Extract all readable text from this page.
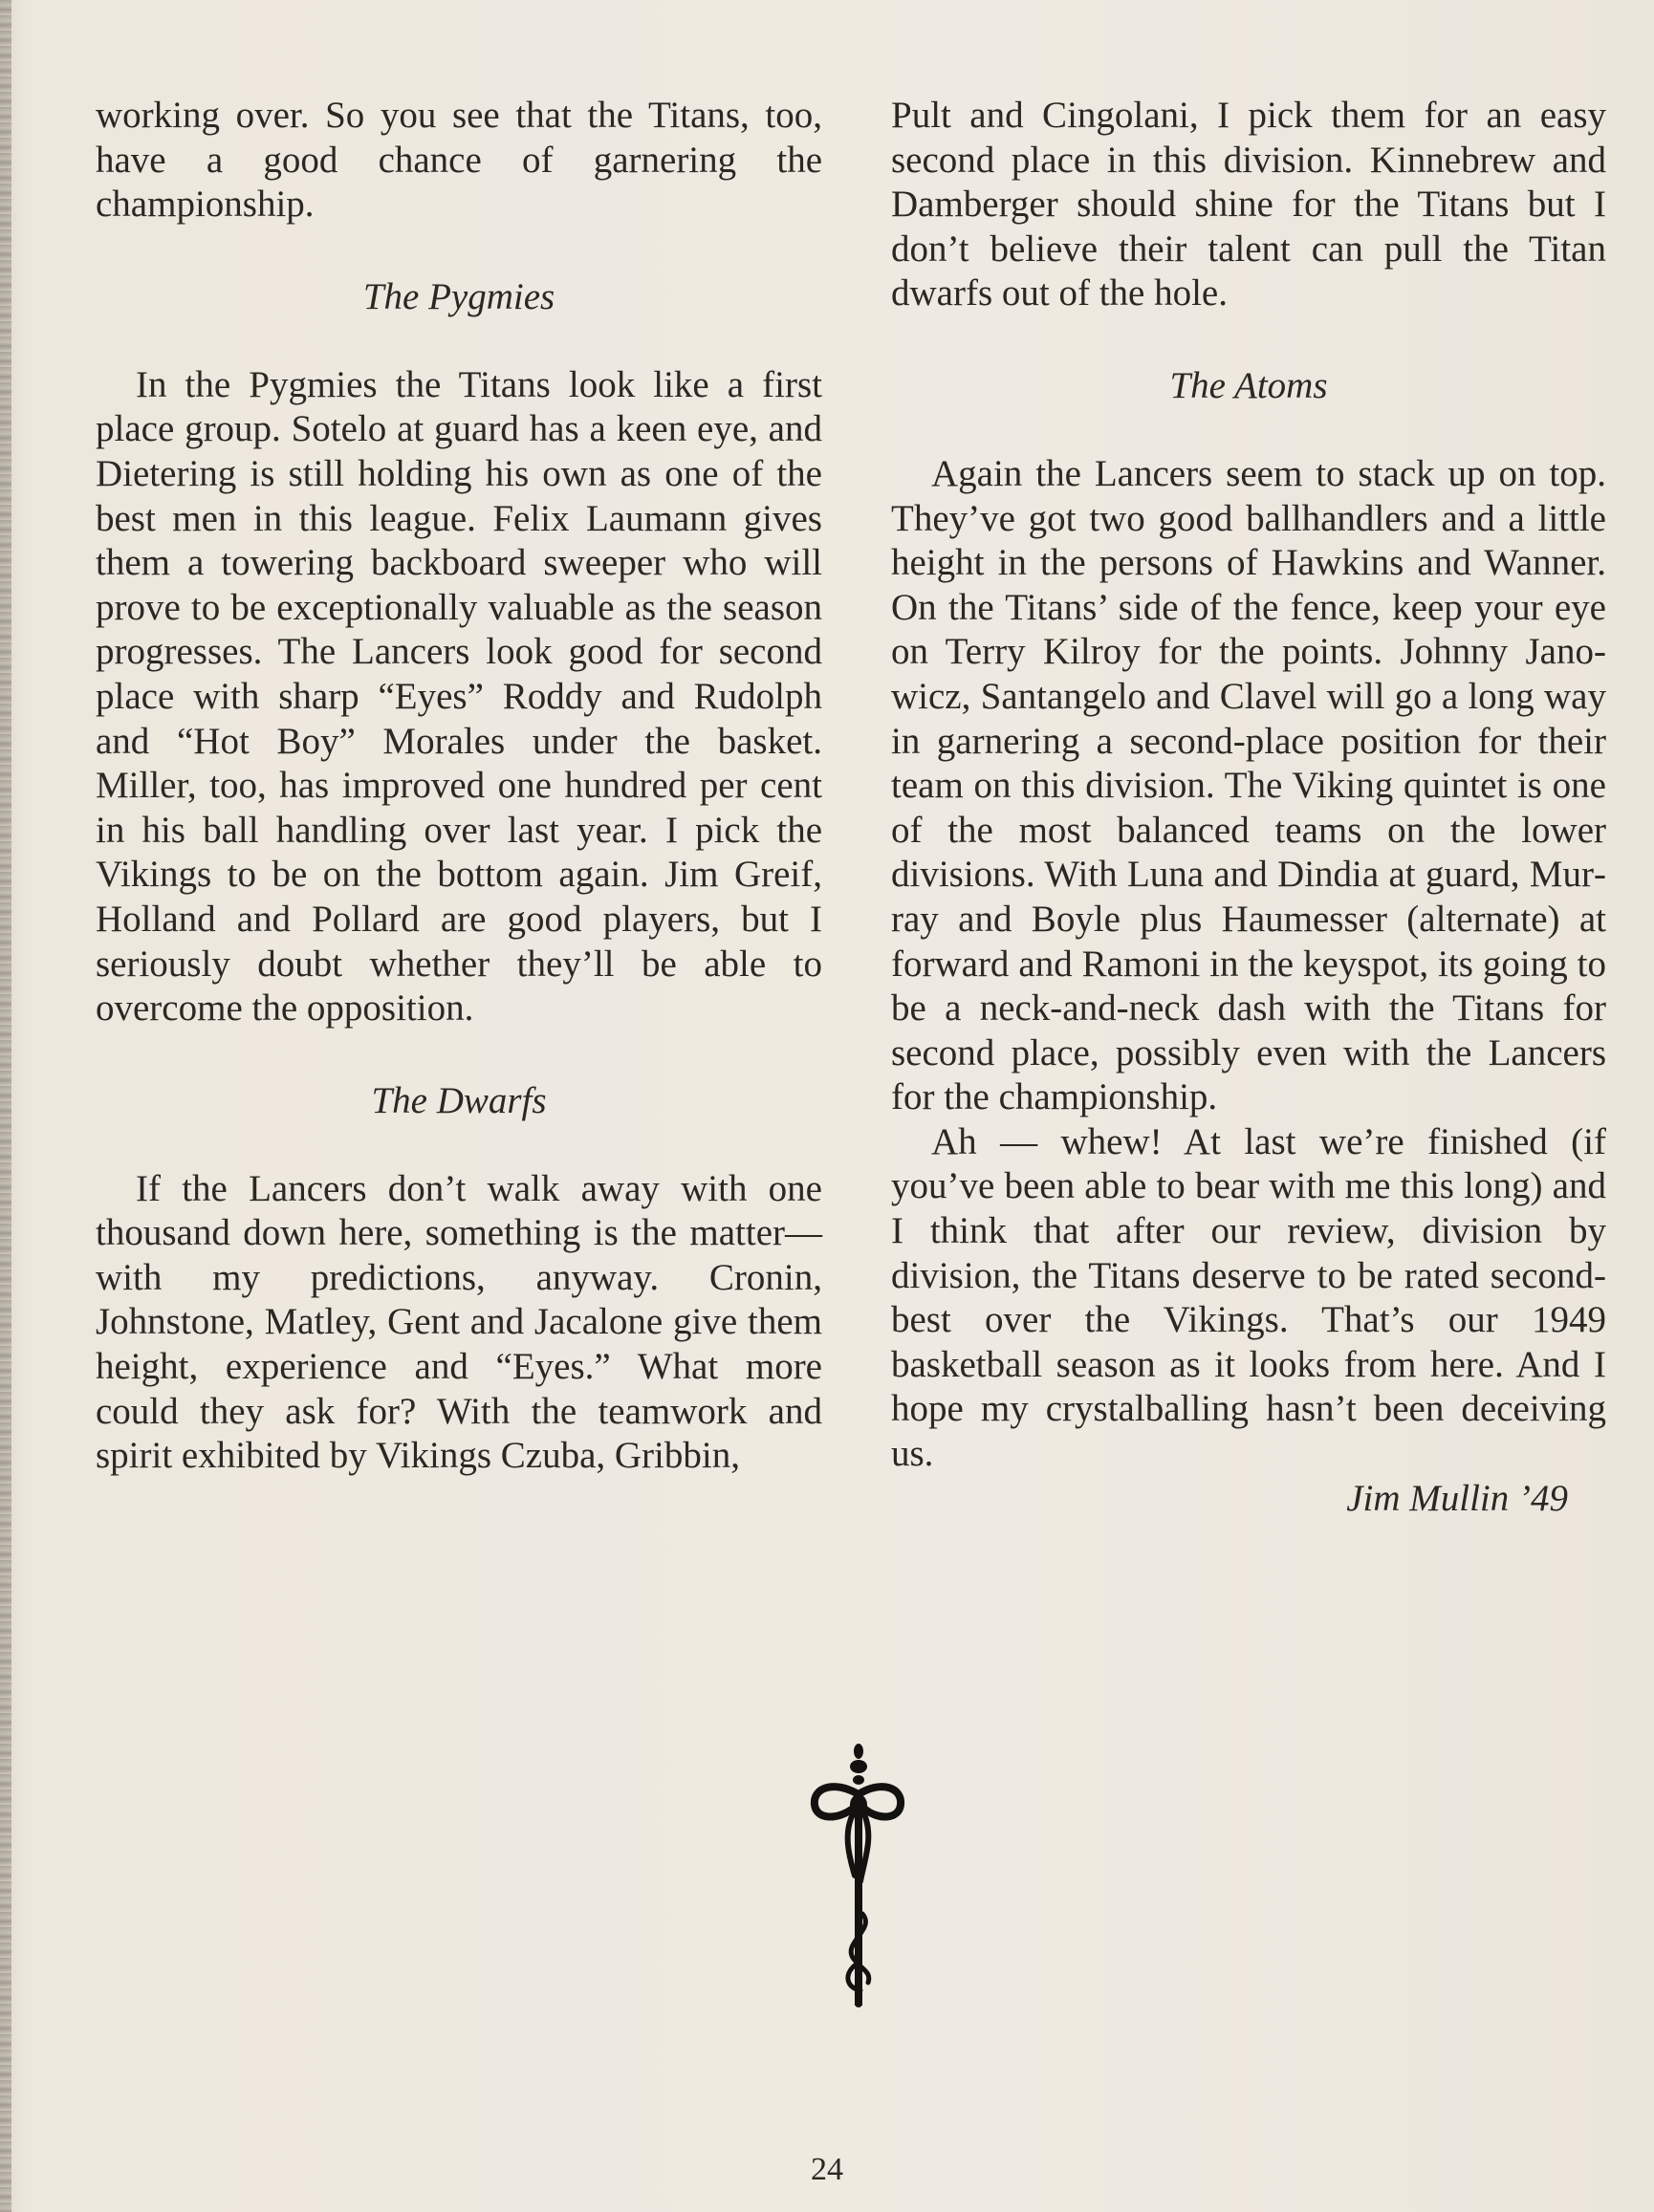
working over. So you see that the Titans, too, have a good chance of garnering the championship.

The Pygmies

In the Pygmies the Titans look like a first place group. Sotelo at guard has a keen eye, and Dietering is still holding his own as one of the best men in this league. Felix Laumann gives them a towering backboard sweeper who will prove to be exceptionally valuable as the season progresses. The Lancers look good for second place with sharp “Eyes” Roddy and Rudolph and “Hot Boy” Morales under the basket. Miller, too, has improved one hundred per cent in his ball handling over last year. I pick the Vikings to be on the bottom again. Jim Greif, Holland and Pollard are good players, but I seriously doubt whether they’ll be able to overcome the opposition.

The Dwarfs

If the Lancers don’t walk away with one thousand down here, something is the matter—with my predictions, anyway. Cronin, Johnstone, Matley, Gent and Jacalone give them height, experience and “Eyes.” What more could they ask for? With the teamwork and spirit exhibited by Vikings Czuba, Gribbin,

Pult and Cingolani, I pick them for an easy second place in this division. Kinnebrew and Damberger should shine for the Titans but I don’t believe their talent can pull the Titan dwarfs out of the hole.

The Atoms

Again the Lancers seem to stack up on top. They’ve got two good ballhandlers and a little height in the persons of Hawkins and Wanner. On the Titans’ side of the fence, keep your eye on Terry Kilroy for the points. Johnny Janowicz, Santangelo and Clavel will go a long way in garnering a second-place position for their team on this division. The Viking quintet is one of the most balanced teams on the lower divisions. With Luna and Dindia at guard, Murray and Boyle plus Haumesser (alternate) at forward and Ramoni in the keyspot, its going to be a neck-and-neck dash with the Titans for second place, possibly even with the Lancers for the championship.

Ah — whew! At last we’re finished (if you’ve been able to bear with me this long) and I think that after our review, division by division, the Titans deserve to be rated second-best over the Vikings. That’s our 1949 basketball season as it looks from here. And I hope my crystalballing hasn’t been deceiving us.

Jim Mullin ’49
24
